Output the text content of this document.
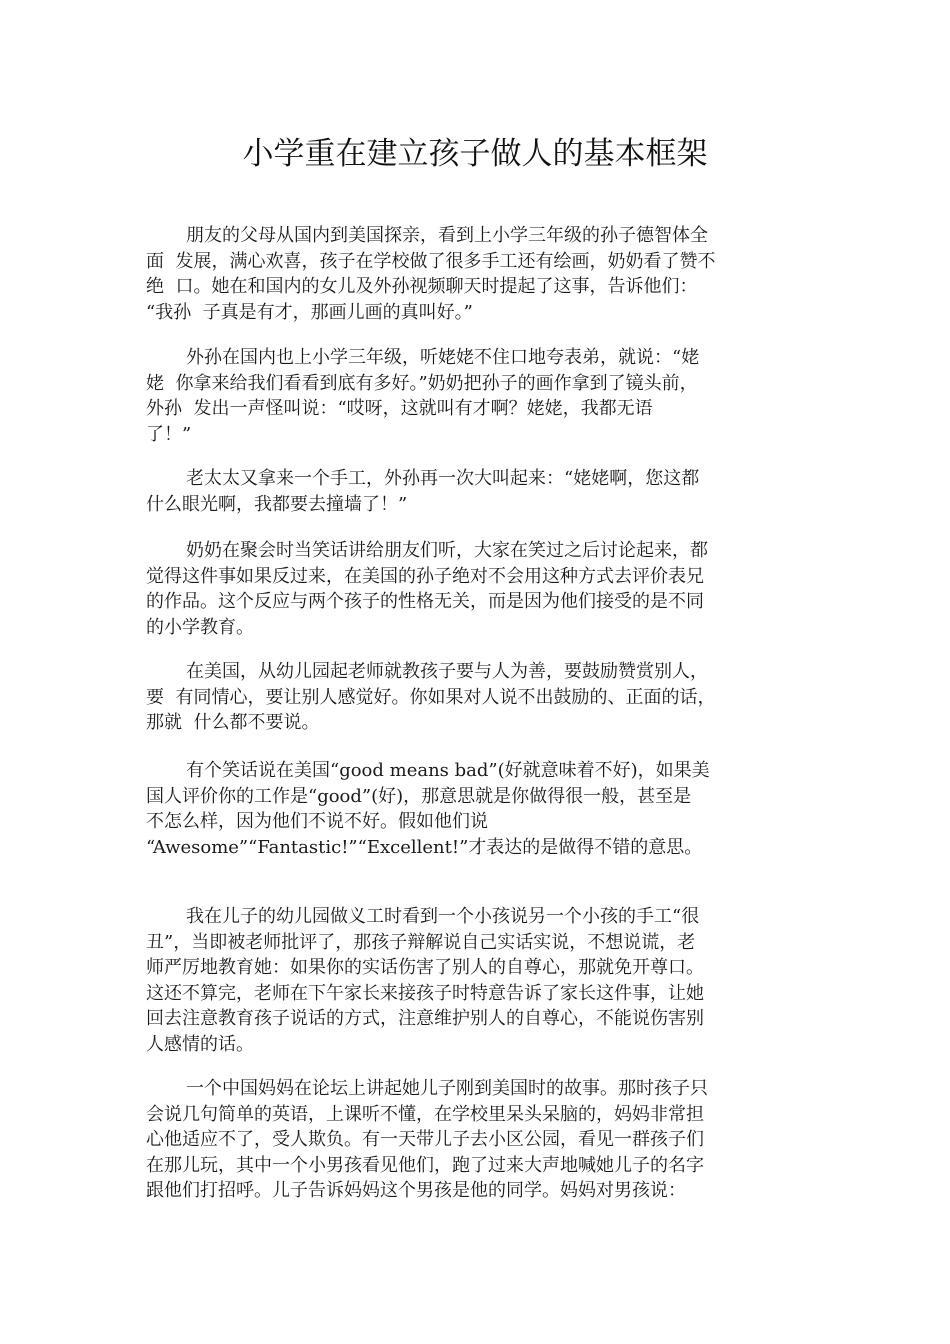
小学重在建立孩子做人的基本框架

朋友的父母从国内到美国探亲，看到上小学三年级的孙子德智体全
面  发展，满心欢喜，孩子在学校做了很多手工还有绘画，奶奶看了赞不
绝  口。她在和国内的女儿及外孙视频聊天时提起了这事，告诉他们：
“我孙  子真是有才，那画儿画的真叫好。”

外孙在国内也上小学三年级，听姥姥不住口地夸表弟，就说：“姥
姥  你拿来给我们看看到底有多好。”奶奶把孙子的画作拿到了镜头前，
外孙  发出一声怪叫说：“哎呀，这就叫有才啊？姥姥，我都无语
了！”

老太太又拿来一个手工，外孙再一次大叫起来：“姥姥啊，您这都
什么眼光啊，我都要去撞墙了！”

奶奶在聚会时当笑话讲给朋友们听，大家在笑过之后讨论起来，都
觉得这件事如果反过来，在美国的孙子绝对不会用这种方式去评价表兄
的作品。这个反应与两个孩子的性格无关，而是因为他们接受的是不同
的小学教育。

在美国，从幼儿园起老师就教孩子要与人为善，要鼓励赞赏别人，
要  有同情心，要让别人感觉好。你如果对人说不出鼓励的、正面的话，
那就  什么都不要说。

有个笑话说在美国“good means bad”(好就意味着不好)，如果美
国人评价你的工作是“good”(好)，那意思就是你做得很一般，甚至是
不怎么样，因为他们不说不好。假如他们说
“Awesome”“Fantastic!”“Excellent!”才表达的是做得不错的意思。

我在儿子的幼儿园做义工时看到一个小孩说另一个小孩的手工“很
丑”，当即被老师批评了，那孩子辩解说自己实话实说，不想说谎，老
师严厉地教育她：如果你的实话伤害了别人的自尊心，那就免开尊口。
这还不算完，老师在下午家长来接孩子时特意告诉了家长这件事，让她
回去注意教育孩子说话的方式，注意维护别人的自尊心，不能说伤害别
人感情的话。

一个中国妈妈在论坛上讲起她儿子刚到美国时的故事。那时孩子只
会说几句简单的英语，上课听不懂，在学校里呆头呆脑的，妈妈非常担
心他适应不了，受人欺负。有一天带儿子去小区公园，看见一群孩子们
在那儿玩，其中一个小男孩看见他们，跑了过来大声地喊她儿子的名字
跟他们打招呼。儿子告诉妈妈这个男孩是他的同学。妈妈对男孩说：
